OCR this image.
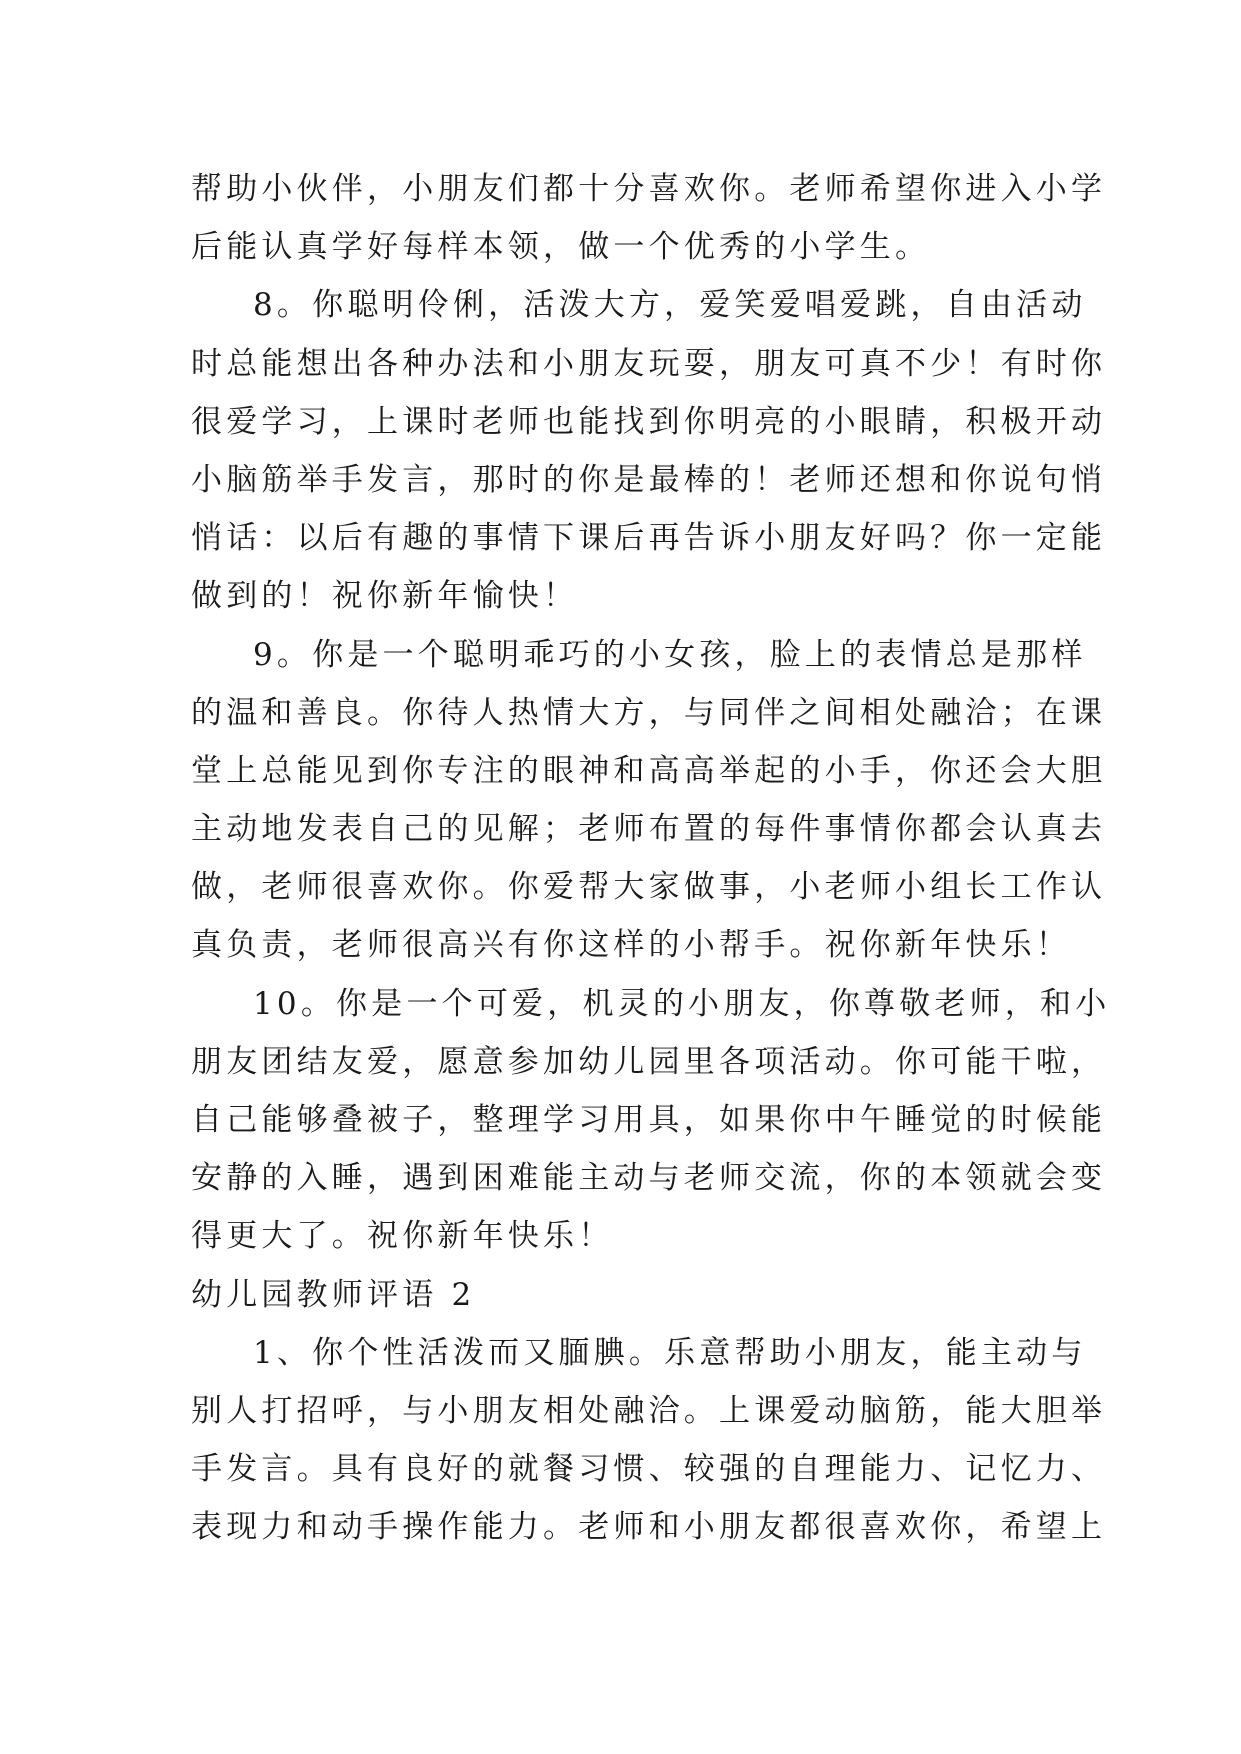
帮助小伙伴，小朋友们都十分喜欢你。老师希望你进入小学
后能认真学好每样本领，做一个优秀的小学生。
8。你聪明伶俐，活泼大方，爱笑爱唱爱跳，自由活动
时总能想出各种办法和小朋友玩耍，朋友可真不少！有时你
很爱学习，上课时老师也能找到你明亮的小眼睛，积极开动
小脑筋举手发言，那时的你是最棒的！老师还想和你说句悄
悄话：以后有趣的事情下课后再告诉小朋友好吗？你一定能
做到的！祝你新年愉快！
9。你是一个聪明乖巧的小女孩，脸上的表情总是那样
的温和善良。你待人热情大方，与同伴之间相处融洽；在课
堂上总能见到你专注的眼神和高高举起的小手，你还会大胆
主动地发表自己的见解；老师布置的每件事情你都会认真去
做，老师很喜欢你。你爱帮大家做事，小老师小组长工作认
真负责，老师很高兴有你这样的小帮手。祝你新年快乐！
10。你是一个可爱，机灵的小朋友，你尊敬老师，和小
朋友团结友爱，愿意参加幼儿园里各项活动。你可能干啦，
自己能够叠被子，整理学习用具，如果你中午睡觉的时候能
安静的入睡，遇到困难能主动与老师交流，你的本领就会变
得更大了。祝你新年快乐！
幼儿园教师评语 2
1、你个性活泼而又腼腆。乐意帮助小朋友，能主动与
别人打招呼，与小朋友相处融洽。上课爱动脑筋，能大胆举
手发言。具有良好的就餐习惯、较强的自理能力、记忆力、
表现力和动手操作能力。老师和小朋友都很喜欢你，希望上
